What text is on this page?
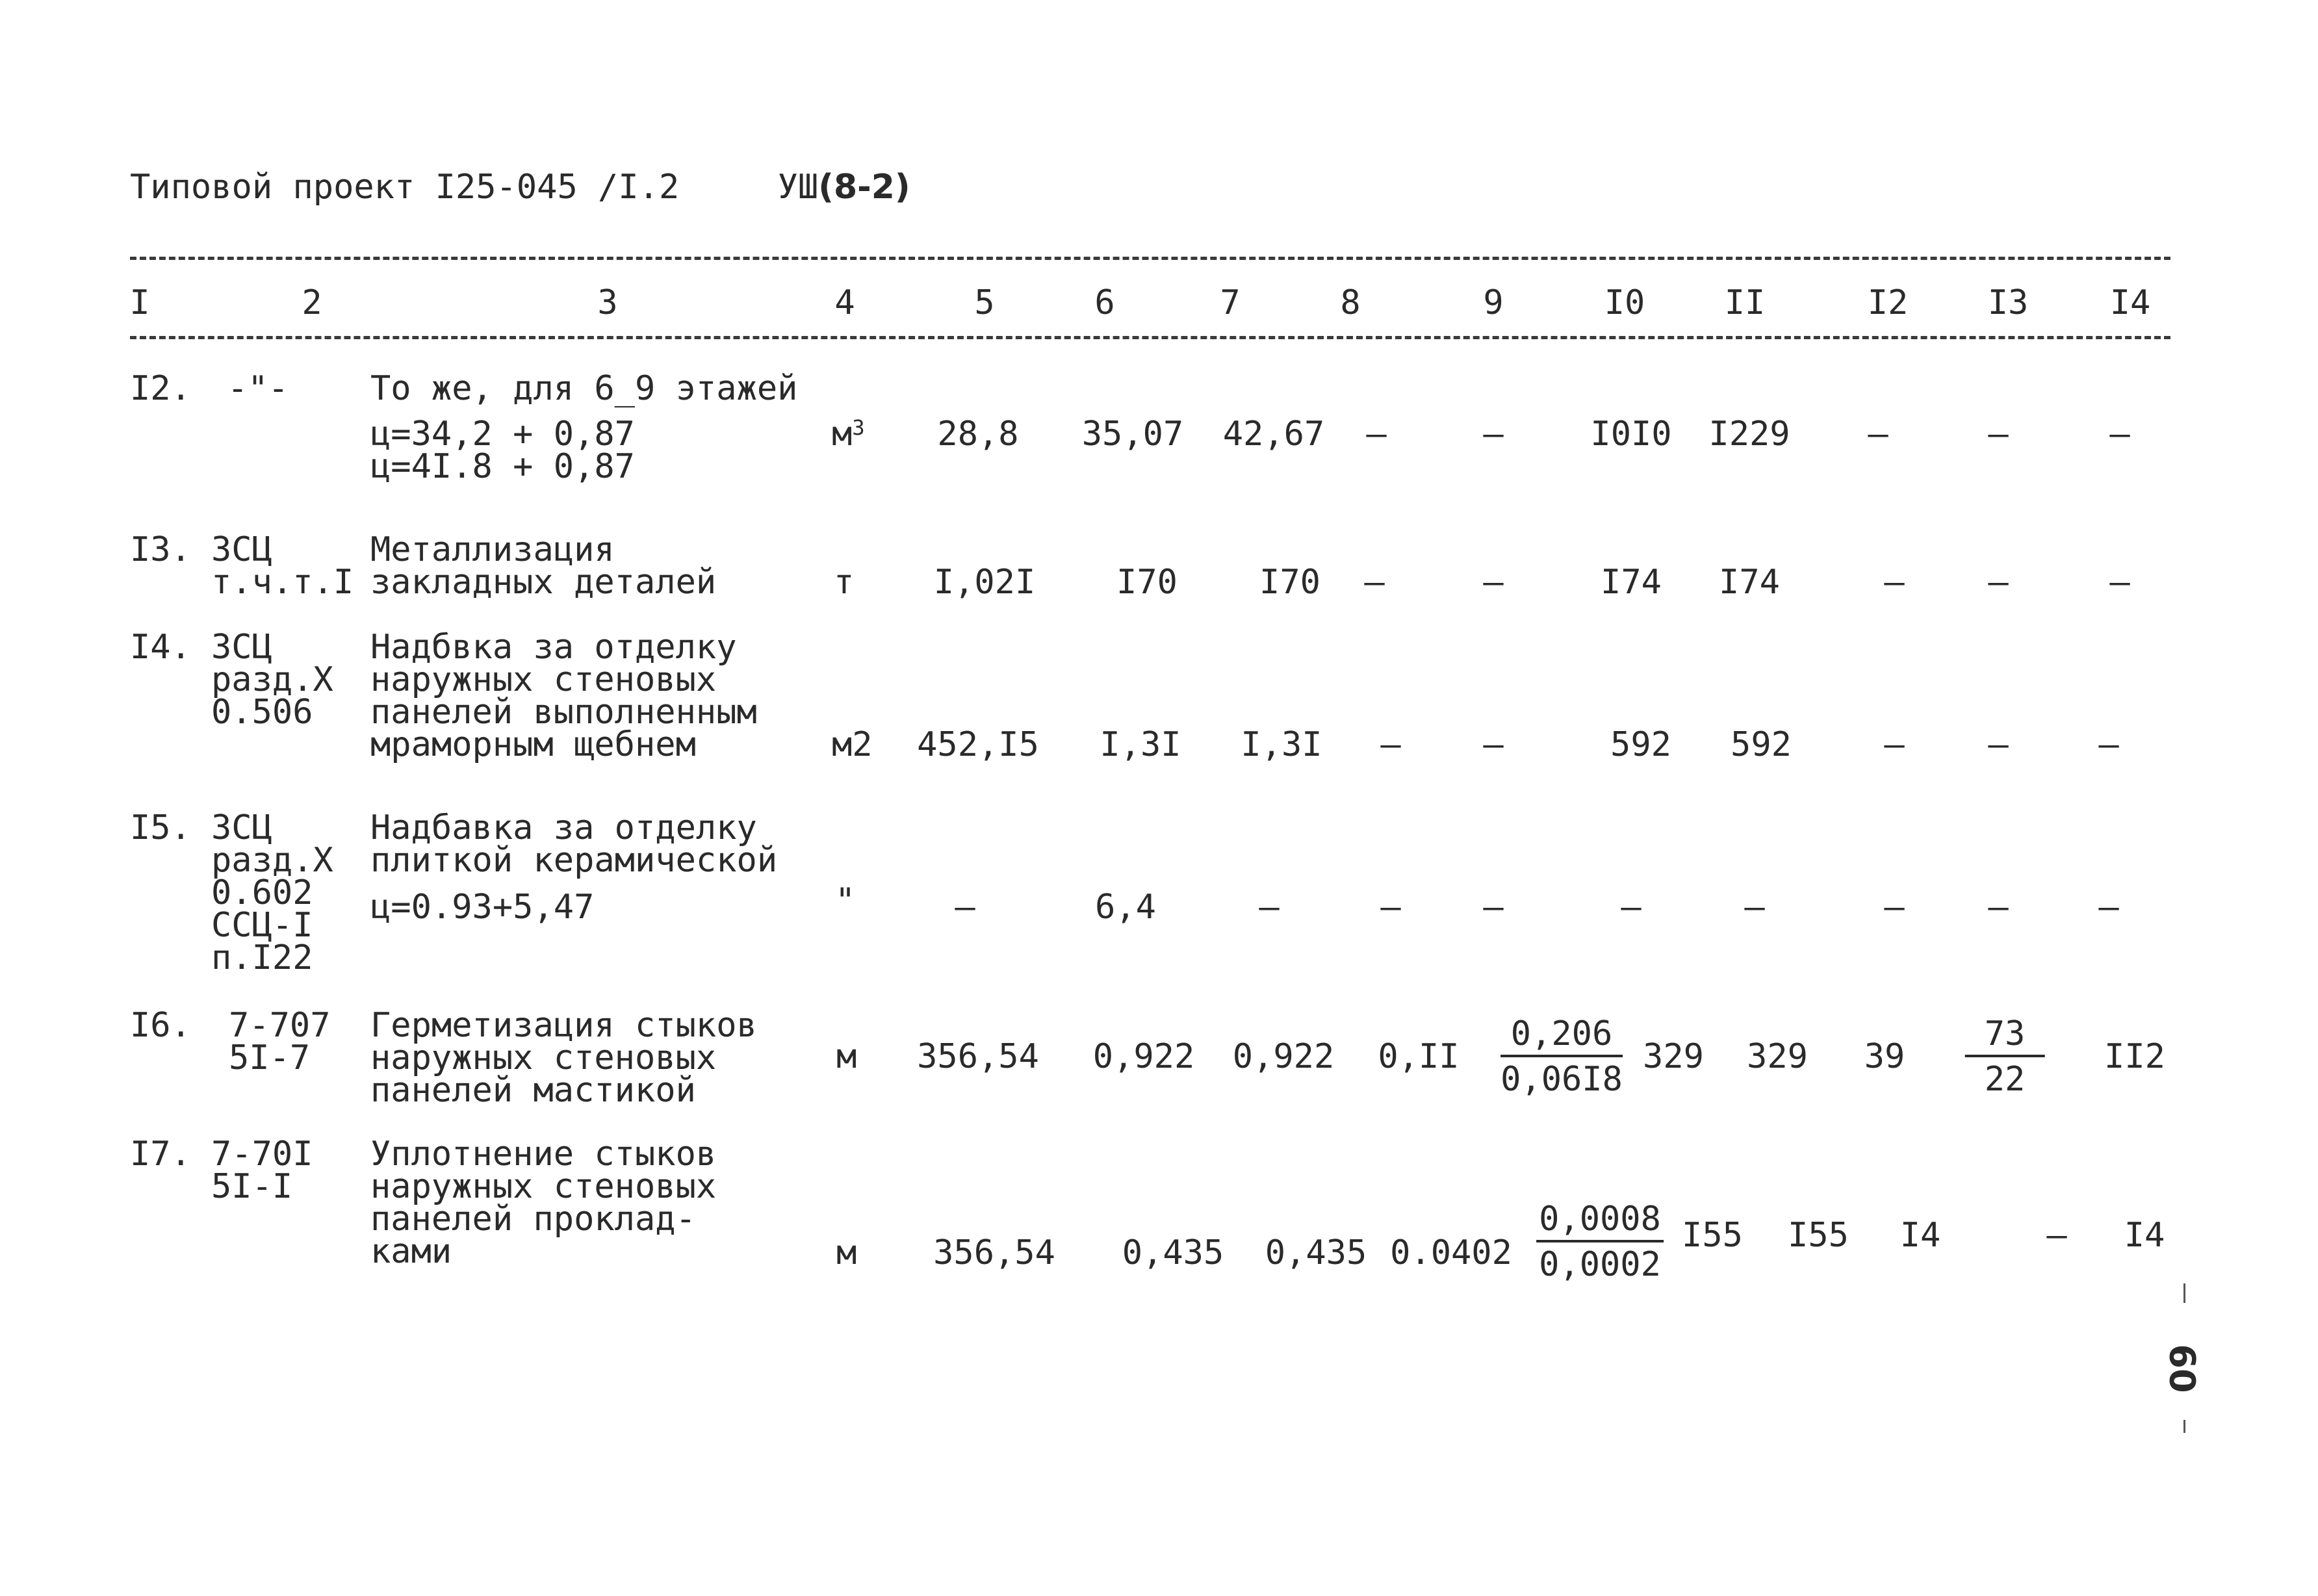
Типовой проект I25-045 /I.2	УШ(8-2)
I	2	3	4	5	6	7	8	9	I0 II	I2 I3 I4
I2. -"- То же, для 6_9 этажей
ц=34,2 + 0,87
ц=4I.8 + 0,87
$м^3$ 28,8 35,07 42,67 –	–	I0I0 I229 –	–	–
I3. ЗСЦ
т.ч.т.I
Металлизация
закладных деталей	т I,02I I70 I70 –	–	I74 I74	– –	–
I4. ЗСЦ
разд.Х
0.506
Надбвка за отделку
наружных стеновых
панелей выполненным
мраморным щебнем	м2 452,I5 I,3I I,3I – –	592 592	– –	–
I5. ЗСЦ
разд.Х
0.602
ССЦ-I
п.I22
Надбавка за отделку
плиткой керамической
ц=0.93+5,47	"	–	6,4	–	– –	–	–	– –	–
I6. 7-707
5I-7
Герметизация стыков
наружных стеновых
панелей мастикой
м 356,54 0,922 0,922 $0,II \frac{0,206}{0,06I8} 329$ 329 $39 \frac{73}{22} II2$
I7. 7-70I
5I-I
Уплотнение стыков
наружных стеновых
панелей проклад-
ками	м 356,54 0,435 0,435 $0.0402 \frac{0,0008}{0,0002} I55$ I55 I4	– I4
60
